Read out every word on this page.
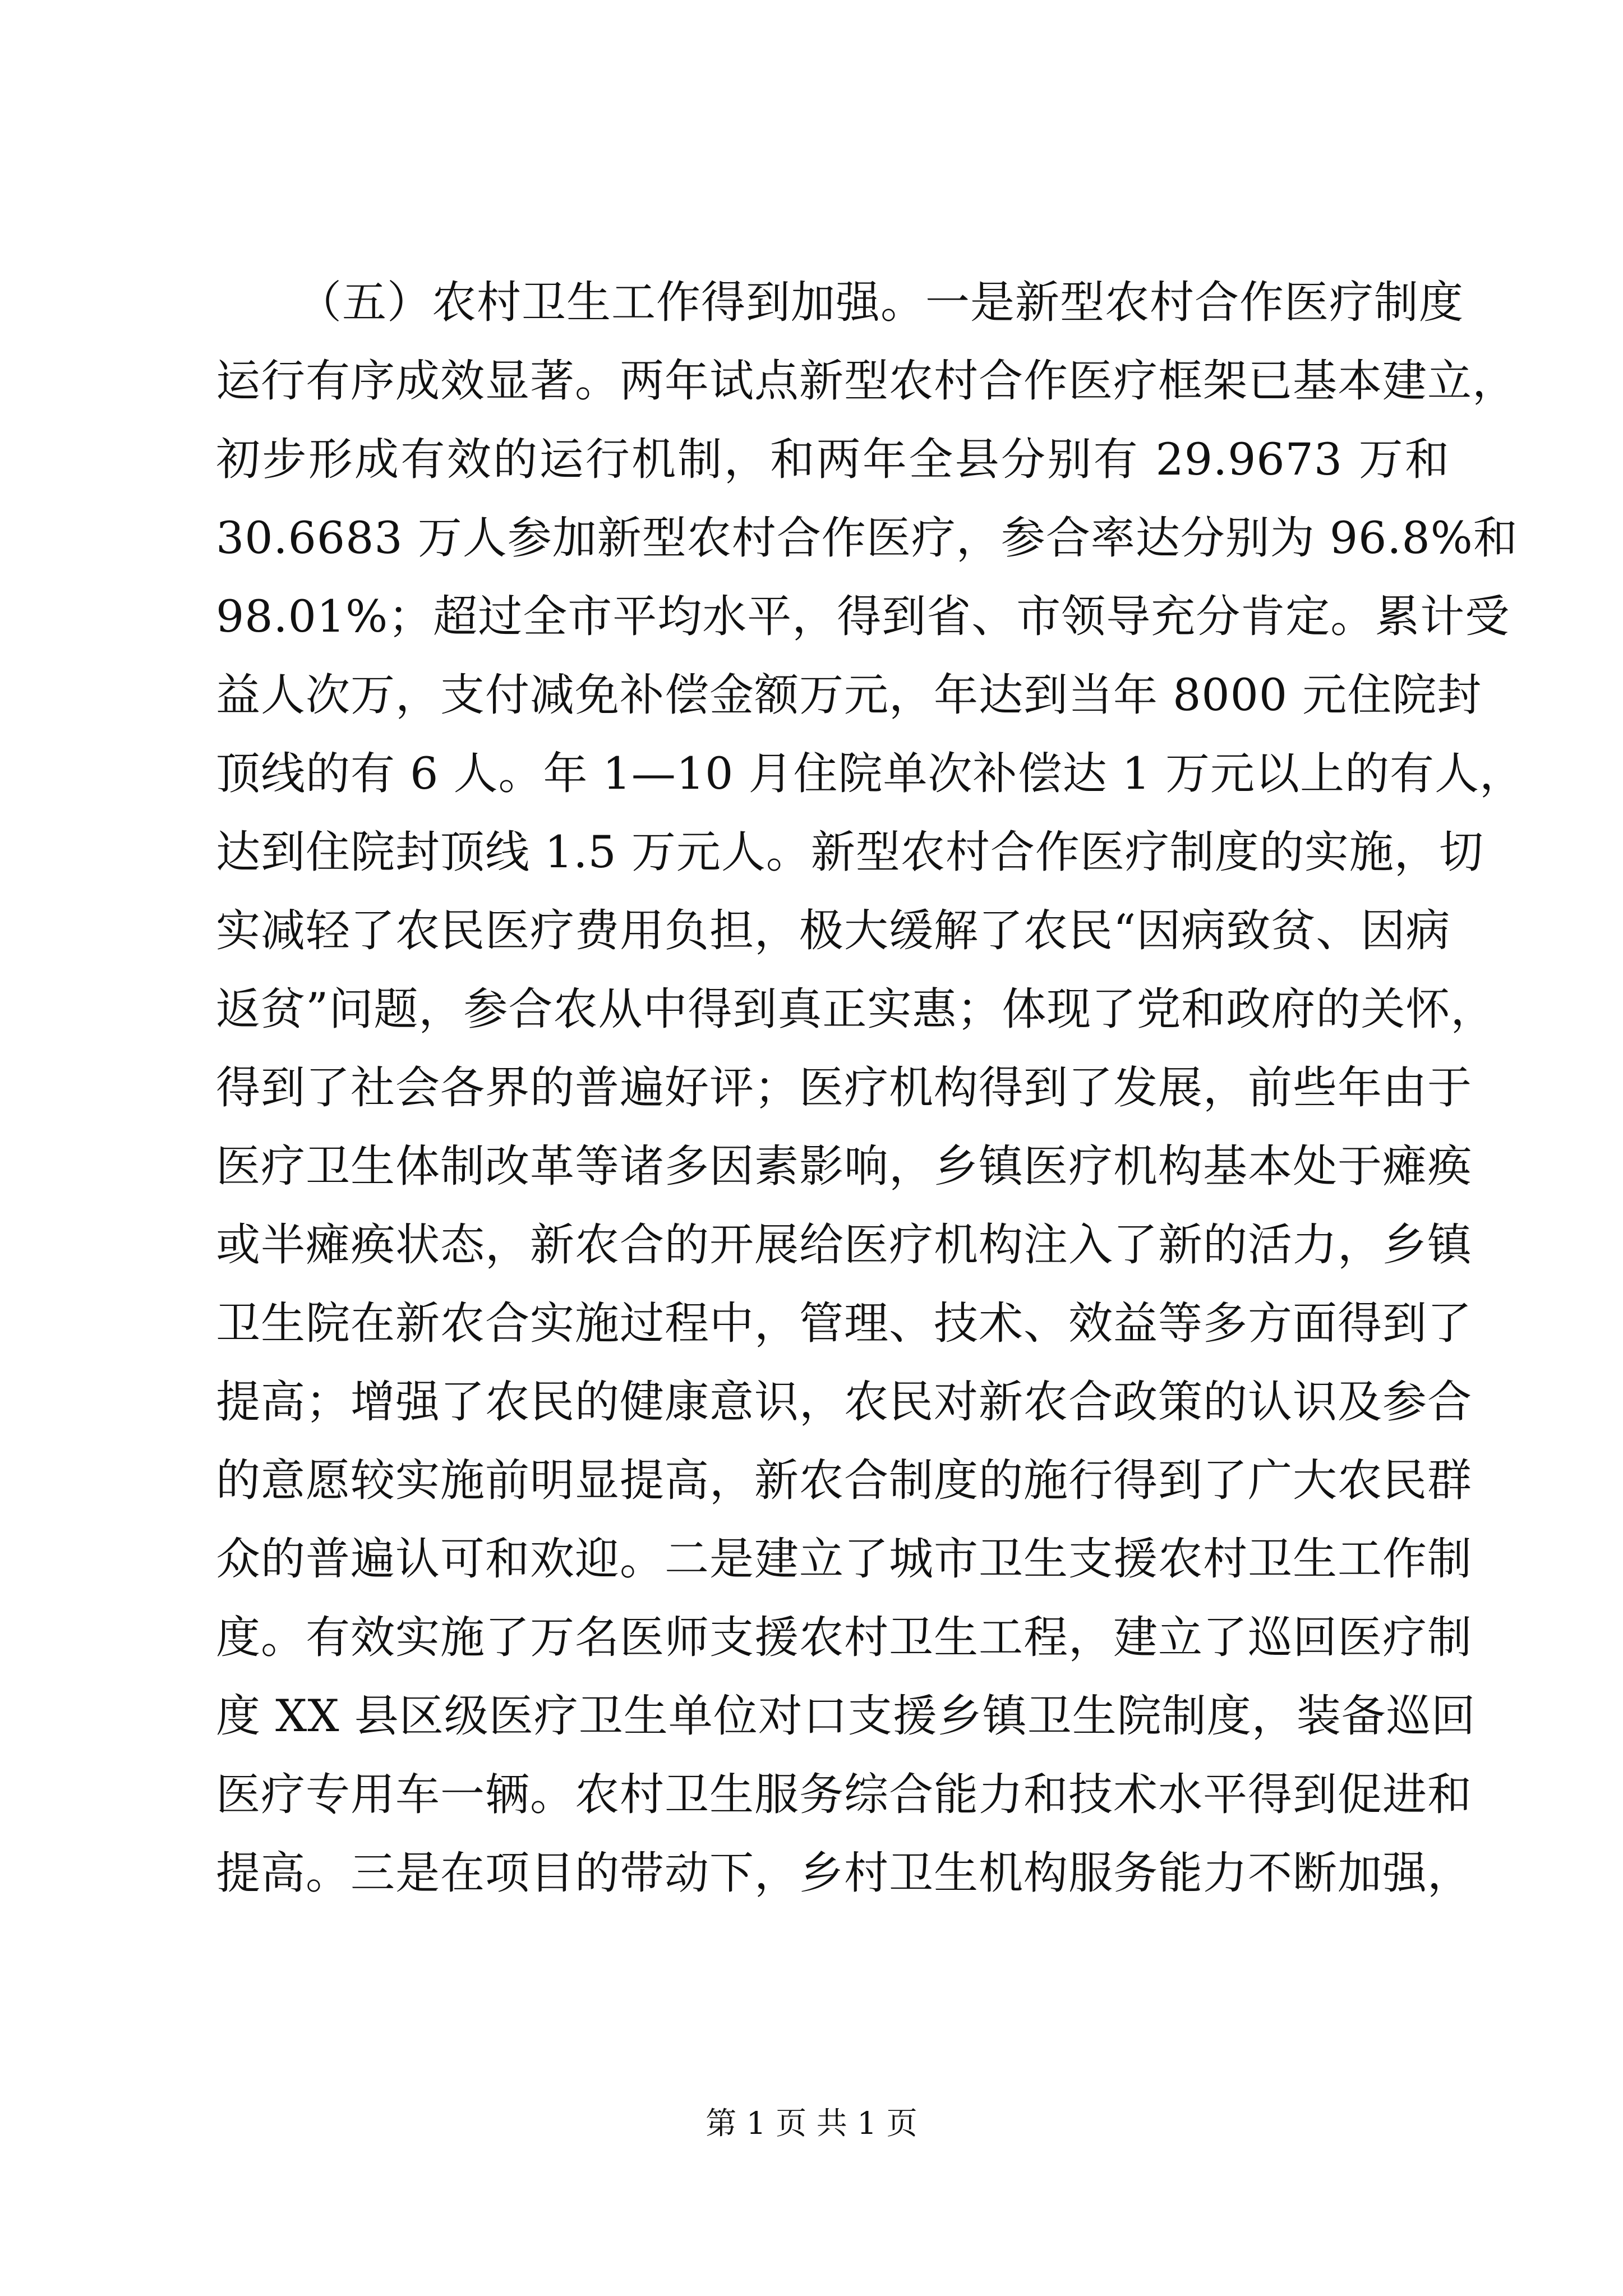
（五）农村卫生工作得到加强。一是新型农村合作医疗制度
运行有序成效显著。两年试点新型农村合作医疗框架已基本建立，
初步形成有效的运行机制，和两年全县分别有 29.9673 万和
30.6683 万人参加新型农村合作医疗，参合率达分别为 96.8%和
98.01%；超过全市平均水平，得到省、市领导充分肯定。累计受
益人次万，支付减免补偿金额万元，年达到当年 8000 元住院封
顶线的有 6 人。年 1—10 月住院单次补偿达 1 万元以上的有人，
达到住院封顶线 1.5 万元人。新型农村合作医疗制度的实施，切
实减轻了农民医疗费用负担，极大缓解了农民“因病致贫、因病
返贫”问题，参合农从中得到真正实惠；体现了党和政府的关怀，
得到了社会各界的普遍好评；医疗机构得到了发展，前些年由于
医疗卫生体制改革等诸多因素影响，乡镇医疗机构基本处于瘫痪
或半瘫痪状态，新农合的开展给医疗机构注入了新的活力，乡镇
卫生院在新农合实施过程中，管理、技术、效益等多方面得到了
提高；增强了农民的健康意识，农民对新农合政策的认识及参合
的意愿较实施前明显提高，新农合制度的施行得到了广大农民群
众的普遍认可和欢迎。二是建立了城市卫生支援农村卫生工作制
度。有效实施了万名医师支援农村卫生工程，建立了巡回医疗制
度 XX 县区级医疗卫生单位对口支援乡镇卫生院制度，装备巡回
医疗专用车一辆。农村卫生服务综合能力和技术水平得到促进和
提高。三是在项目的带动下，乡村卫生机构服务能力不断加强，
第 1 页 共 1 页
